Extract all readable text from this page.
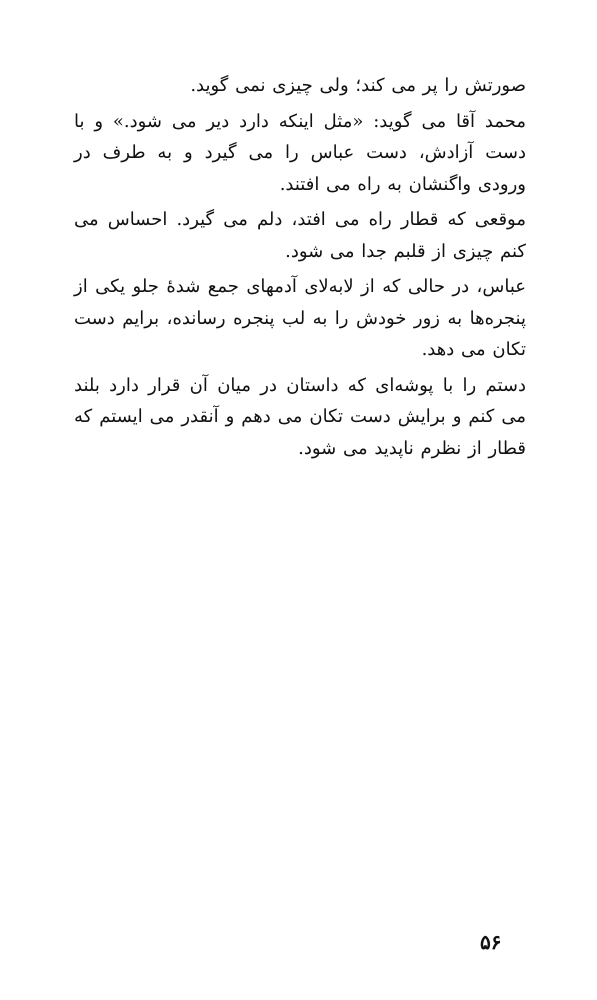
صورتش را پر می کند؛ ولی چیزی نمی گوید.

محمد آقا می گوید: «مثل اینکه دارد دیر می شود.» و با دست آزادش، دست عباس را می گیرد و به طرف در ورودی واگنشان به راه می افتند.

موقعی که قطار راه می افتد، دلم می گیرد. احساس می کنم چیزی از قلبم جدا می شود.

عباس، در حالی که از لابه‌لای آدمهای جمع شدهٔ جلو یکی از پنجره‌ها به زور خودش را به لب پنجره رسانده، برایم دست تکان می دهد.

دستم را با پوشه‌ای که داستان در میان آن قرار دارد بلند می کنم و برایش دست تکان می دهم و آنقدر می ایستم که قطار از نظرم ناپدید می شود.

۵۶
